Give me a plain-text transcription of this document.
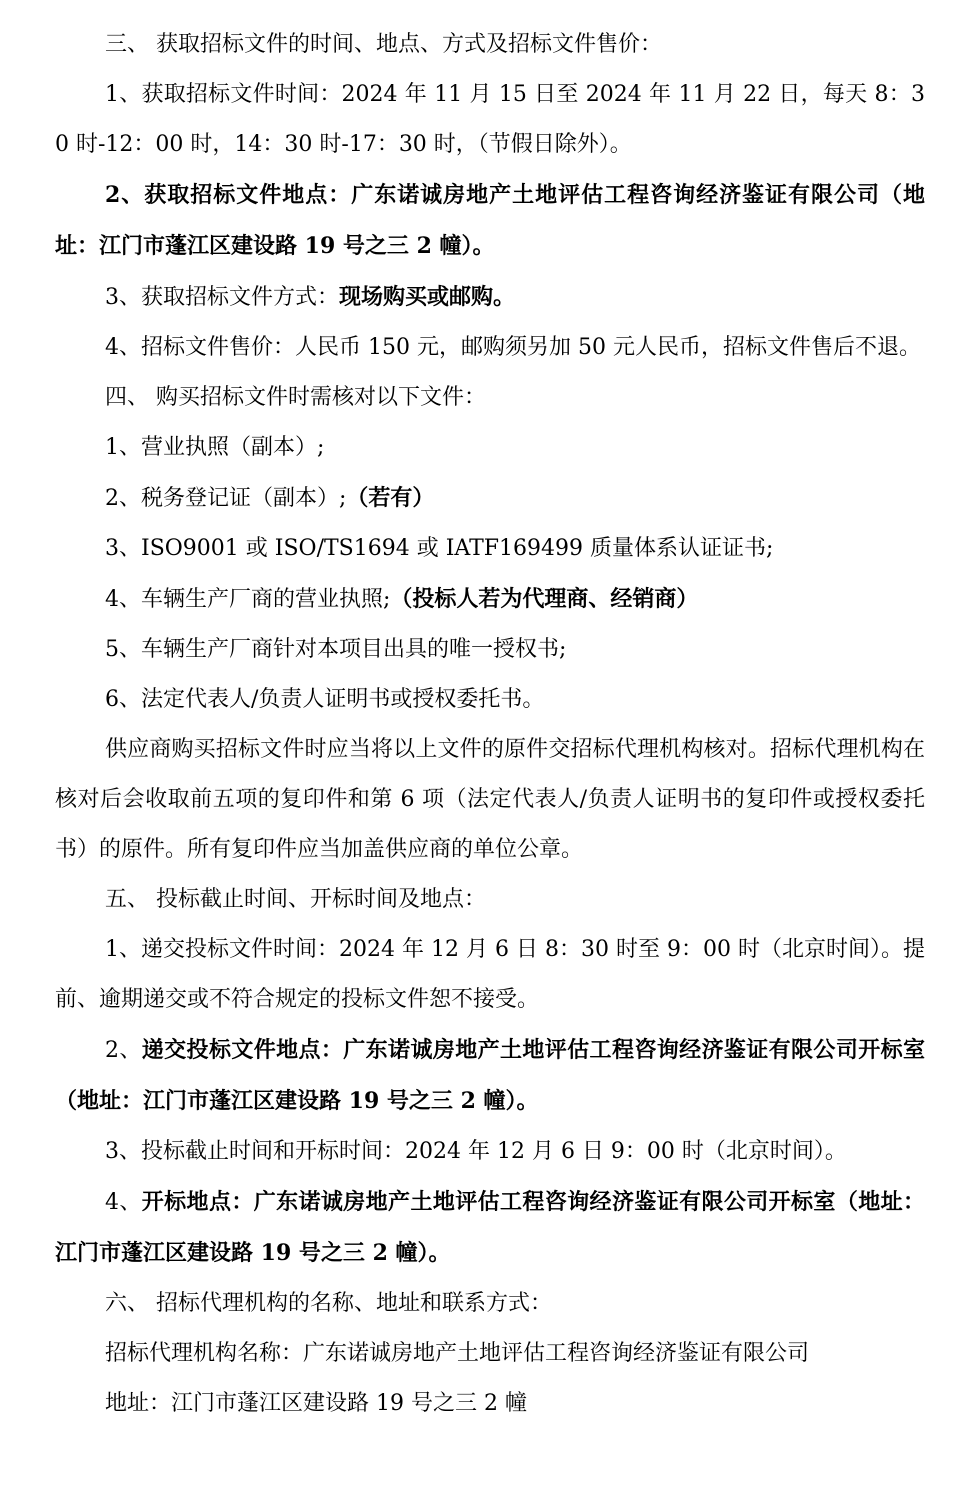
三、 获取招标文件的时间、地点、方式及招标文件售价：

1、获取招标文件时间：2024 年 11 月 15 日至 2024 年 11 月 22 日，每天 8：30 时-12：00 时，14：30 时-17：30 时，（节假日除外）。

2、获取招标文件地点：广东诺诚房地产土地评估工程咨询经济鉴证有限公司（地址：江门市蓬江区建设路 19 号之三 2 幢）。

3、获取招标文件方式：现场购买或邮购。

4、招标文件售价：人民币 150 元，邮购须另加 50 元人民币，招标文件售后不退。

四、 购买招标文件时需核对以下文件：

1、营业执照（副本）;

2、税务登记证（副本）;（若有）

3、ISO9001 或 ISO/TS1694 或 IATF169499 质量体系认证证书;

4、车辆生产厂商的营业执照;（投标人若为代理商、经销商）

5、车辆生产厂商针对本项目出具的唯一授权书;

6、法定代表人/负责人证明书或授权委托书。

供应商购买招标文件时应当将以上文件的原件交招标代理机构核对。招标代理机构在核对后会收取前五项的复印件和第 6 项（法定代表人/负责人证明书的复印件或授权委托书）的原件。所有复印件应当加盖供应商的单位公章。

五、 投标截止时间、开标时间及地点：

1、递交投标文件时间：2024 年 12 月 6 日 8：30 时至 9：00 时（北京时间）。提前、逾期递交或不符合规定的投标文件恕不接受。

2、递交投标文件地点：广东诺诚房地产土地评估工程咨询经济鉴证有限公司开标室（地址：江门市蓬江区建设路 19 号之三 2 幢）。

3、投标截止时间和开标时间：2024 年 12 月 6 日 9：00 时（北京时间）。

4、开标地点：广东诺诚房地产土地评估工程咨询经济鉴证有限公司开标室（地址：江门市蓬江区建设路 19 号之三 2 幢）。

六、 招标代理机构的名称、地址和联系方式：

招标代理机构名称：广东诺诚房地产土地评估工程咨询经济鉴证有限公司

地址：江门市蓬江区建设路 19 号之三 2 幢
